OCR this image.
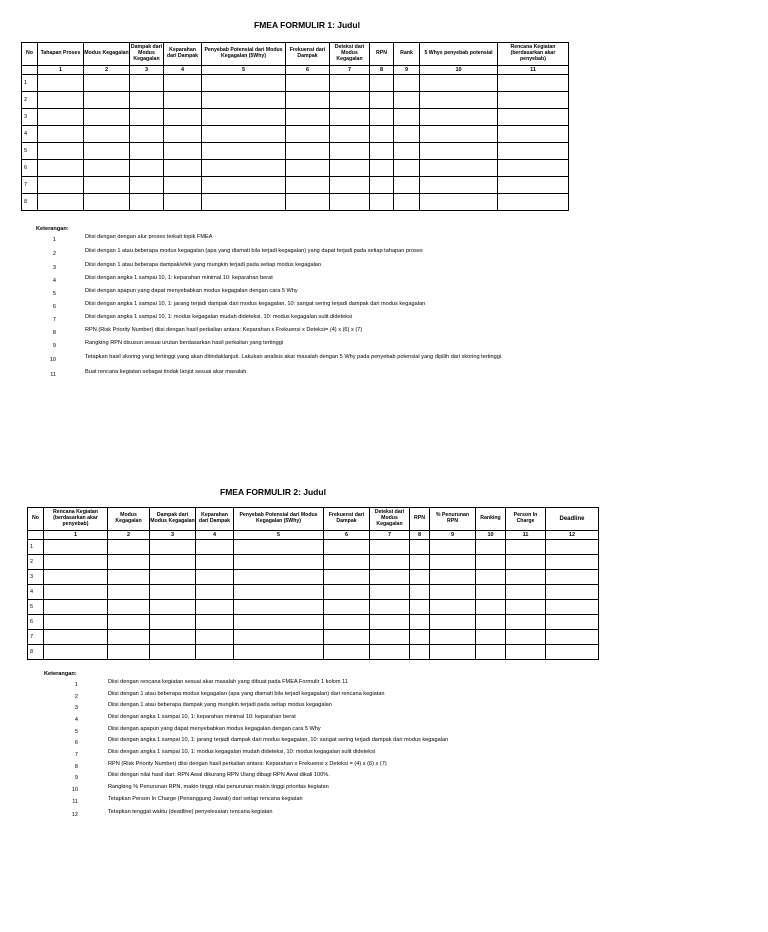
FMEA FORMULIR 1: Judul
No	Tahapan Proses	Modus Kegagalan	Dampak dari Modus Kegagalan	Keparahan dari Dampak	Penyebab Potensial dari Modus Kegagalan (5Why)	Frekuensi dari Dampak	Deteksi dari Modus Kegagalan	RPN	Rank	5 Whys penyebab potensial	Rencana Kegiatan (berdasarkan akar penyebab)
	1	2	3	4	5	6	7	8	9	10	11
1											
2											
3											
4											
5											
6											
7											
8											
Keterangan:
1	Diisi dengan dengan alur proses terkait topik FMEA
2	Diisi dengan 1 atau beberapa modus kegagalan (apa yang diamati bila terjadi kegagalan) yang dapat terjadi pada setiap tahapan proses
3	Diisi dengan 1 atau beberapa dampak/efek yang mungkin terjadi pada setiap modus kegagalan
4	Diisi dengan angka 1 sampai 10, 1: keparahan minimal 10: keparahan berat
5	Diisi dengan apapun yang dapat menyebabkan modus kegagalan dengan cara 5 Why
6	Diisi dengan angka 1 sampai 10, 1: jarang terjadi dampak dari modus kegagalan, 10: sangat sering terjadi dampak dari modus kegagalan
7	Diisi dengan angka 1 sampai 10, 1: modus kegagalan mudah dideteksi, 10: modus kegagalan sulit dideteksi
8	RPN (Risk Priority Number) diisi dengan hasil perkalian antara: Keparahan x Frekuensi x Deteksi= (4) x (6) x (7)
9	Rangking RPN disusun sesuai urutan berdasarkan hasil perkalian yang tertinggi
10	Tetapkan hasil skoring yang tertinggi yang akan ditindaklanjuti. Lakukan analisis akar masalah dengan 5 Why pada penyebab potensial yang dipilih dari skoring tertinggi.
11	Buat rencana kegiatan sebagai tindak lanjut sesuai akar masalah
FMEA FORMULIR 2: Judul
No	Rencana Kegiatan (berdasarkan akar penyebab)	Modus Kegagalan	Dampak dari Modus Kegagalan	Keparahan dari Dampak	Penyebab Potensial dari Modus Kegagalan (5Why)	Frekuensi dari Dampak	Deteksi dari Modus Kegagalan	RPN	% Penurunan RPN	Ranking	Person In Charge	Deadline
	1	2	3	4	5	6	7	8	9	10	11	12
1												
2												
3												
4												
5												
6												
7												
8												
Keterangan:
1	Diisi dengan rencana kegiatan sesuai akar masalah yang dibuat pada FMEA Formulir 1 kolom 11
2	Diisi dengan 1 atau beberapa modus kegagalan (apa yang diamati bila terjadi kegagalan) dari rencana kegiatan
3	Diisi dengan 1 atau beberapa dampak yang mungkin terjadi pada setiap modus kegagalan
4	Diisi dengan angka 1 sampai 10, 1: keparahan minimal 10: keparahan berat
5	Diisi dengan apapun yang dapat menyebabkan modus kegagalan dengan cara 5 Why
6	Diisi dengan angka 1 sampai 10, 1: jarang terjadi dampak dari modus kegagalan, 10: sangat sering terjadi dampak dari modus kegagalan
7	Diisi dengan angka 1 sampai 10, 1: modus kegagalan mudah dideteksi, 10: modus kegagalan sulit dideteksi
8	RPN (Risk Priority Number) diisi dengan hasil perkalian antara: Keparahan x Frekuensi x Deteksi = (4) x (6) x (7)
9	Diisi dengan nilai hasil dari: RPN Awal dikurang RPN Ulang dibagi RPN Awal dikali 100%.
10	Rangking % Penurunan RPN, makin tinggi nilai penurunan makin tinggi prioritas kegiatan
11	Tetapkan Person In Charge (Penanggung Jawab) dari setiap rencana kegiatan
12	Tetapkan tenggat waktu (deadline) penyelesaian rencana kegiatan
